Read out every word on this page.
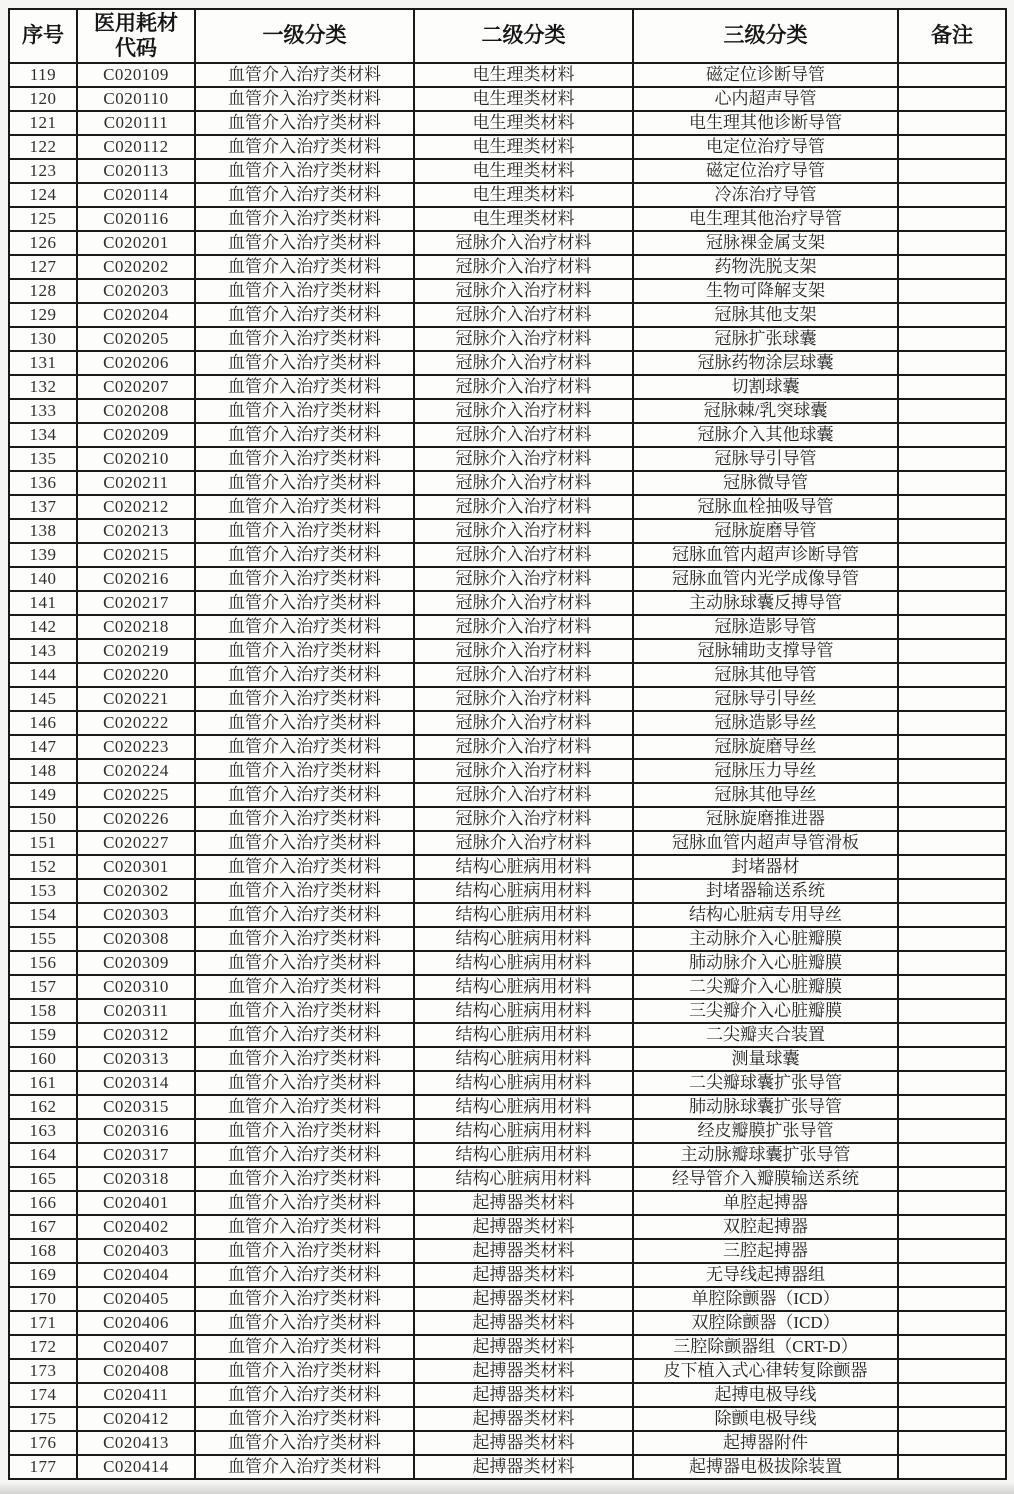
序号	医用耗材代码	一级分类	二级分类	三级分类	备注
119	C020109	血管介入治疗类材料	电生理类材料	磁定位诊断导管	
120	C020110	血管介入治疗类材料	电生理类材料	心内超声导管	
121	C020111	血管介入治疗类材料	电生理类材料	电生理其他诊断导管	
122	C020112	血管介入治疗类材料	电生理类材料	电定位治疗导管	
123	C020113	血管介入治疗类材料	电生理类材料	磁定位治疗导管	
124	C020114	血管介入治疗类材料	电生理类材料	冷冻治疗导管	
125	C020116	血管介入治疗类材料	电生理类材料	电生理其他治疗导管	
126	C020201	血管介入治疗类材料	冠脉介入治疗材料	冠脉裸金属支架	
127	C020202	血管介入治疗类材料	冠脉介入治疗材料	药物洗脱支架	
128	C020203	血管介入治疗类材料	冠脉介入治疗材料	生物可降解支架	
129	C020204	血管介入治疗类材料	冠脉介入治疗材料	冠脉其他支架	
130	C020205	血管介入治疗类材料	冠脉介入治疗材料	冠脉扩张球囊	
131	C020206	血管介入治疗类材料	冠脉介入治疗材料	冠脉药物涂层球囊	
132	C020207	血管介入治疗类材料	冠脉介入治疗材料	切割球囊	
133	C020208	血管介入治疗类材料	冠脉介入治疗材料	冠脉棘/乳突球囊	
134	C020209	血管介入治疗类材料	冠脉介入治疗材料	冠脉介入其他球囊	
135	C020210	血管介入治疗类材料	冠脉介入治疗材料	冠脉导引导管	
136	C020211	血管介入治疗类材料	冠脉介入治疗材料	冠脉微导管	
137	C020212	血管介入治疗类材料	冠脉介入治疗材料	冠脉血栓抽吸导管	
138	C020213	血管介入治疗类材料	冠脉介入治疗材料	冠脉旋磨导管	
139	C020215	血管介入治疗类材料	冠脉介入治疗材料	冠脉血管内超声诊断导管	
140	C020216	血管介入治疗类材料	冠脉介入治疗材料	冠脉血管内光学成像导管	
141	C020217	血管介入治疗类材料	冠脉介入治疗材料	主动脉球囊反搏导管	
142	C020218	血管介入治疗类材料	冠脉介入治疗材料	冠脉造影导管	
143	C020219	血管介入治疗类材料	冠脉介入治疗材料	冠脉辅助支撑导管	
144	C020220	血管介入治疗类材料	冠脉介入治疗材料	冠脉其他导管	
145	C020221	血管介入治疗类材料	冠脉介入治疗材料	冠脉导引导丝	
146	C020222	血管介入治疗类材料	冠脉介入治疗材料	冠脉造影导丝	
147	C020223	血管介入治疗类材料	冠脉介入治疗材料	冠脉旋磨导丝	
148	C020224	血管介入治疗类材料	冠脉介入治疗材料	冠脉压力导丝	
149	C020225	血管介入治疗类材料	冠脉介入治疗材料	冠脉其他导丝	
150	C020226	血管介入治疗类材料	冠脉介入治疗材料	冠脉旋磨推进器	
151	C020227	血管介入治疗类材料	冠脉介入治疗材料	冠脉血管内超声导管滑板	
152	C020301	血管介入治疗类材料	结构心脏病用材料	封堵器材	
153	C020302	血管介入治疗类材料	结构心脏病用材料	封堵器输送系统	
154	C020303	血管介入治疗类材料	结构心脏病用材料	结构心脏病专用导丝	
155	C020308	血管介入治疗类材料	结构心脏病用材料	主动脉介入心脏瓣膜	
156	C020309	血管介入治疗类材料	结构心脏病用材料	肺动脉介入心脏瓣膜	
157	C020310	血管介入治疗类材料	结构心脏病用材料	二尖瓣介入心脏瓣膜	
158	C020311	血管介入治疗类材料	结构心脏病用材料	三尖瓣介入心脏瓣膜	
159	C020312	血管介入治疗类材料	结构心脏病用材料	二尖瓣夹合装置	
160	C020313	血管介入治疗类材料	结构心脏病用材料	测量球囊	
161	C020314	血管介入治疗类材料	结构心脏病用材料	二尖瓣球囊扩张导管	
162	C020315	血管介入治疗类材料	结构心脏病用材料	肺动脉球囊扩张导管	
163	C020316	血管介入治疗类材料	结构心脏病用材料	经皮瓣膜扩张导管	
164	C020317	血管介入治疗类材料	结构心脏病用材料	主动脉瓣球囊扩张导管	
165	C020318	血管介入治疗类材料	结构心脏病用材料	经导管介入瓣膜输送系统	
166	C020401	血管介入治疗类材料	起搏器类材料	单腔起搏器	
167	C020402	血管介入治疗类材料	起搏器类材料	双腔起搏器	
168	C020403	血管介入治疗类材料	起搏器类材料	三腔起搏器	
169	C020404	血管介入治疗类材料	起搏器类材料	无导线起搏器组	
170	C020405	血管介入治疗类材料	起搏器类材料	单腔除颤器（ICD）	
171	C020406	血管介入治疗类材料	起搏器类材料	双腔除颤器（ICD）	
172	C020407	血管介入治疗类材料	起搏器类材料	三腔除颤器组（CRT-D）	
173	C020408	血管介入治疗类材料	起搏器类材料	皮下植入式心律转复除颤器	
174	C020411	血管介入治疗类材料	起搏器类材料	起搏电极导线	
175	C020412	血管介入治疗类材料	起搏器类材料	除颤电极导线	
176	C020413	血管介入治疗类材料	起搏器类材料	起搏器附件	
177	C020414	血管介入治疗类材料	起搏器类材料	起搏器电极拔除装置	
